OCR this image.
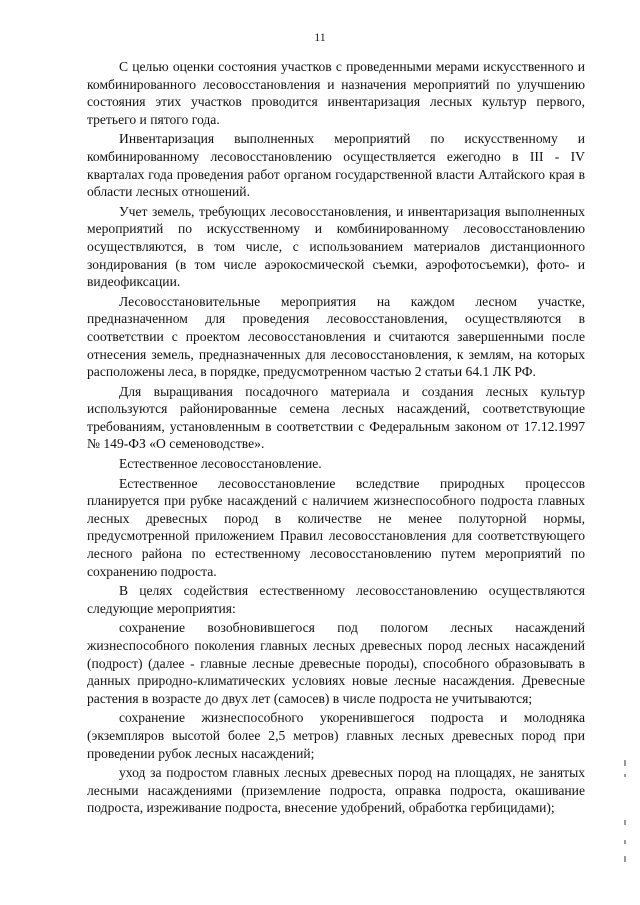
11

С целью оценки состояния участков с проведенными мерами искусственного и комбинированного лесовосстановления и назначения мероприятий по улучшению состояния этих участков проводится инвентаризация лесных культур первого, третьего и пятого года.

Инвентаризация выполненных мероприятий по искусственному и комбинированному лесовосстановлению осуществляется ежегодно в III - IV кварталах года проведения работ органом государственной власти Алтайского края в области лесных отношений.

Учет земель, требующих лесовосстановления, и инвентаризация выполненных мероприятий по искусственному и комбинированному лесовосстановлению осуществляются, в том числе, с использованием материалов дистанционного зондирования (в том числе аэрокосмической съемки, аэрофотосъемки), фото- и видеофиксации.

Лесовосстановительные мероприятия на каждом лесном участке, предназначенном для проведения лесовосстановления, осуществляются в соответствии с проектом лесовосстановления и считаются завершенными после отнесения земель, предназначенных для лесовосстановления, к землям, на которых расположены леса, в порядке, предусмотренном частью 2 статьи 64.1 ЛК РФ.

Для выращивания посадочного материала и создания лесных культур используются районированные семена лесных насаждений, соответствующие требованиям, установленным в соответствии с Федеральным законом от 17.12.1997 № 149-ФЗ «О семеноводстве».

Естественное лесовосстановление.

Естественное лесовосстановление вследствие природных процессов планируется при рубке насаждений с наличием жизнеспособного подроста главных лесных древесных пород в количестве не менее полуторной нормы, предусмотренной приложением Правил лесовосстановления для соответствующего лесного района по естественному лесовосстановлению путем мероприятий по сохранению подроста.

В целях содействия естественному лесовосстановлению осуществляются следующие мероприятия:

сохранение возобновившегося под пологом лесных насаждений жизнеспособного поколения главных лесных древесных пород лесных насаждений (подрост) (далее - главные лесные древесные породы), способного образовывать в данных природно-климатических условиях новые лесные насаждения. Древесные растения в возрасте до двух лет (самосев) в числе подроста не учитываются;

сохранение жизнеспособного укоренившегося подроста и молодняка (экземпляров высотой более 2,5 метров) главных лесных древесных пород при проведении рубок лесных насаждений;

уход за подростом главных лесных древесных пород на площадях, не занятых лесными насаждениями (приземление подроста, оправка подроста, окашивание подроста, изреживание подроста, внесение удобрений, обработка гербицидами);
